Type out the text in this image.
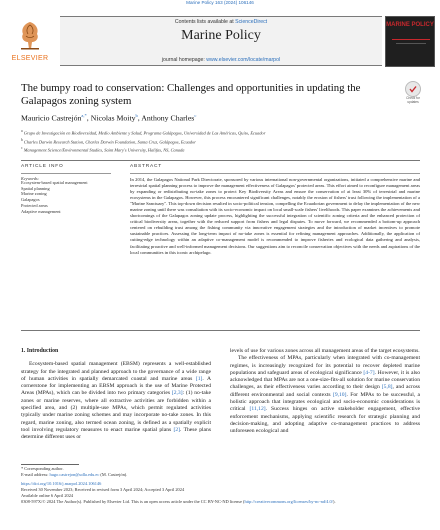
Marine Policy 163 (2024) 106146
ELSEVIER
Contents lists available at ScienceDirect
Marine Policy
journal homepage: www.elsevier.com/locate/marpol
MARINE POLICY
The bumpy road to conservation: Challenges and opportunities in updating the Galapagos zoning system	Check for updates
Mauricio Castrejón$^{a,*}$, Nicolas Moity$^b$, Anthony Charles$^c$
$^a$ Grupo de Investigación en Biodiversidad, Medio Ambiente y Salud, Programa Galápagos, Universidad de Las Américas, Quito, Ecuador
$^b$ Charles Darwin Research Station, Charles Darwin Foundation, Santa Cruz, Galápagos, Ecuador
$^c$ Management Science/Environmental Studies, Saint Mary's University, Halifax, NS, Canada
ARTICLE INFO	ABSTRACT
Keywords:
Ecosystem-based spatial management
Spatial planning
Marine zoning
Galapagos
Protected areas
Adaptive management
In 2014, the Galapagos National Park Directorate, sponsored by various international non-governmental organizations, initiated a comprehensive marine and terrestrial spatial planning process to improve the management effectiveness of Galapagos' protected areas. This effort aimed to reconfigure management areas by expanding or redistributing no-take zones to protect Key Biodiversity Areas and ensure the conservation of at least 30% of terrestrial and marine ecosystems in the Galapagos. However, this process encountered significant challenges, notably the erosion of fishers' trust following the implementation of a "Marine Sanctuary". This top-down decision resulted in socio-political tension, compelling the Ecuadorian government to delay the implementation of the new marine zoning until there was consultation with its socio-economic impact on local small-scale fishers' livelihoods. This paper examines the achievements and shortcomings of the Galapagos zoning update process, highlighting the successful integration of scientific zoning criteria and the enhanced protection of critical biodiversity areas, together with the reduced support from fishers and legal disputes. To move forward, we recommended a bottom-up approach centered on rebuilding trust among the fishing community via innovative engagement strategies and the introduction of market incentives to promote sustainable practices. Assessing the long-term impact of no-take zones is essential for refining management approaches. Additionally, the application of cutting-edge technology within an adaptive co-management model is recommended to improve fisheries and ecological data gathering and analysis, facilitating proactive and well-informed management decisions. Our suggestions aim to reconcile conservation objectives with the needs and aspirations of the local communities in this iconic archipelago.
1. Introduction

Ecosystem-based spatial management (EBSM) represents a well-established strategy for the integrated and planned approach to the governance of a wide range of human activities in spatially demarcated coastal and marine areas [1]. A cornerstone for implementing an EBSM approach is the use of Marine Protected Areas (MPAs), which can be divided into two primary categories [2,3]: (1) no-take zones or marine reserves, where all extractive activities are forbidden within a specified area, and (2) multiple-use MPAs, which permit regulated activities typically under marine zoning schemes and may incorporate no-take zones. In this regard, marine zoning, also termed ocean zoning, is defined as a spatially explicit tool involving regulatory measures to enact marine spatial plans [2]. These plans determine different uses or

levels of use for various zones across all management areas of the target ecosystems.

The effectiveness of MPAs, particularly when integrated with co-management regimes, is increasingly recognized for its potential to recover depleted marine populations and safeguard areas of ecological significance [4-7]. However, it is also acknowledged that MPAs are not a one-size-fits-all solution for marine conservation challenges, as their effectiveness varies according to their design [5,8], and across different environmental and social contexts [9,10]. For MPAs to be successful, a holistic approach that integrates ecological and socio-economic considerations is critical [11,12]. Success hinges on active stakeholder engagement, effective enforcement mechanisms, applying scientific research for strategic planning and decision-making, and adopting adaptive co-management practices to address unforeseen ecological and

* Corresponding author.
E-mail address: hugo.castrejon@udla.edu.ec (M. Castrejón).
https://doi.org/10.1016/j.marpol.2024.106146
Received 30 November 2023; Received in revised form 3 April 2024; Accepted 3 April 2024
Available online 6 April 2024
0308-597X/© 2024 The Author(s). Published by Elsevier Ltd. This is an open access article under the CC BY-NC-ND license (http://creativecommons.org/licenses/by-nc-nd/4.0/).
